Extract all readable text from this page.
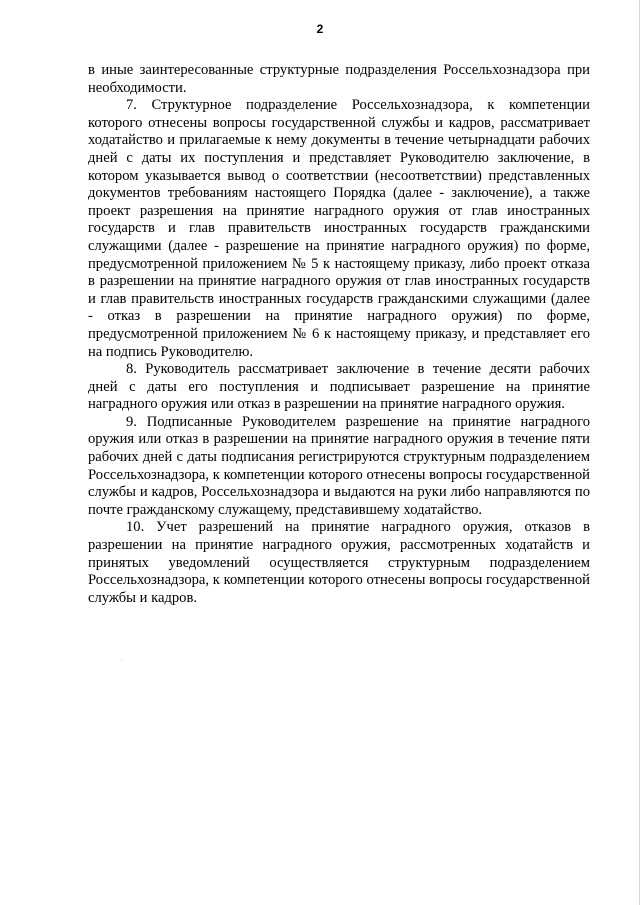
2

в иные заинтересованные структурные подразделения Россельхознадзора при необходимости.

7. Структурное подразделение Россельхознадзора, к компетенции которого отнесены вопросы государственной службы и кадров, рассматривает ходатайство и прилагаемые к нему документы в течение четырнадцати рабочих дней с даты их поступления и представляет Руководителю заключение, в котором указывается вывод о соответствии (несоответствии) представленных документов требованиям настоящего Порядка (далее - заключение), а также проект разрешения на принятие наградного оружия от глав иностранных государств и глав правительств иностранных государств гражданскими служащими (далее - разрешение на принятие наградного оружия) по форме, предусмотренной приложением № 5 к настоящему приказу, либо проект отказа в разрешении на принятие наградного оружия от глав иностранных государств и глав правительств иностранных государств гражданскими служащими (далее - отказ в разрешении на принятие наградного оружия) по форме, предусмотренной приложением № 6 к настоящему приказу, и представляет его на подпись Руководителю.

8. Руководитель рассматривает заключение в течение десяти рабочих дней с даты его поступления и подписывает разрешение на принятие наградного оружия или отказ в разрешении на принятие наградного оружия.

9. Подписанные Руководителем разрешение на принятие наградного оружия или отказ в разрешении на принятие наградного оружия в течение пяти рабочих дней с даты подписания регистрируются структурным подразделением Россельхознадзора, к компетенции которого отнесены вопросы государственной службы и кадров, Россельхознадзора и выдаются на руки либо направляются по почте гражданскому служащему, представившему ходатайство.

10. Учет разрешений на принятие наградного оружия, отказов в разрешении на принятие наградного оружия, рассмотренных ходатайств и принятых уведомлений осуществляется структурным подразделением Россельхознадзора, к компетенции которого отнесены вопросы государственной службы и кадров.
